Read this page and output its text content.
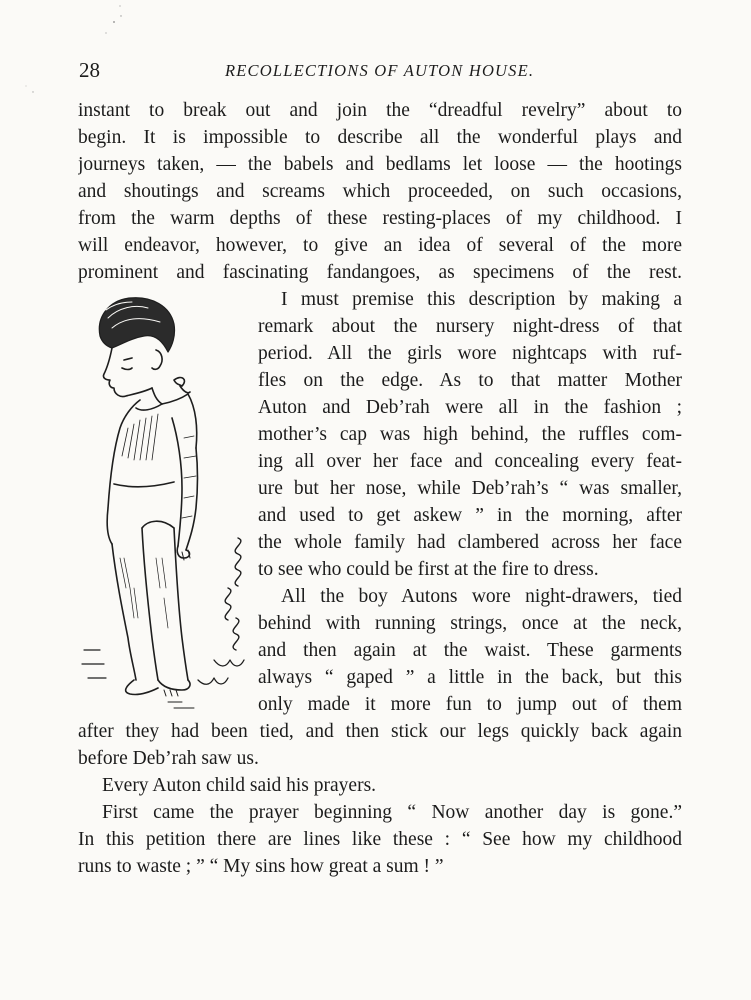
28	RECOLLECTIONS OF AUTON HOUSE.
instant to break out and join the “dreadful revelry” about to
begin. It is impossible to describe all the wonderful plays and
journeys taken, — the babels and bedlams let loose — the hootings
and shoutings and screams which proceeded, on such occasions,
from the warm depths of these resting-places of my childhood. I
will endeavor, however, to give an idea of several of the more
prominent and fascinating fandangoes, as specimens of the rest.
I must premise this description by making a
remark about the nursery night-dress of that
period. All the girls wore nightcaps with ruf-
fles on the edge. As to that matter Mother
Auton and Deb’rah were all in the fashion ;
mother’s cap was high behind, the ruffles com-
ing all over her face and concealing every feat-
ure but her nose, while Deb’rah’s “ was smaller,
and used to get askew ” in the morning, after
the whole family had clambered across her face
to see who could be first at the fire to dress.
All the boy Autons wore night-drawers, tied
behind with running strings, once at the neck,
and then again at the waist. These garments
always “ gaped ” a little in the back, but this
only made it more fun to jump out of them
after they had been tied, and then stick our legs quickly back again
before Deb’rah saw us.
Every Auton child said his prayers.
First came the prayer beginning “ Now another day is gone.”
In this petition there are lines like these : “ See how my childhood
runs to waste ; ” “ My sins how great a sum ! ”
